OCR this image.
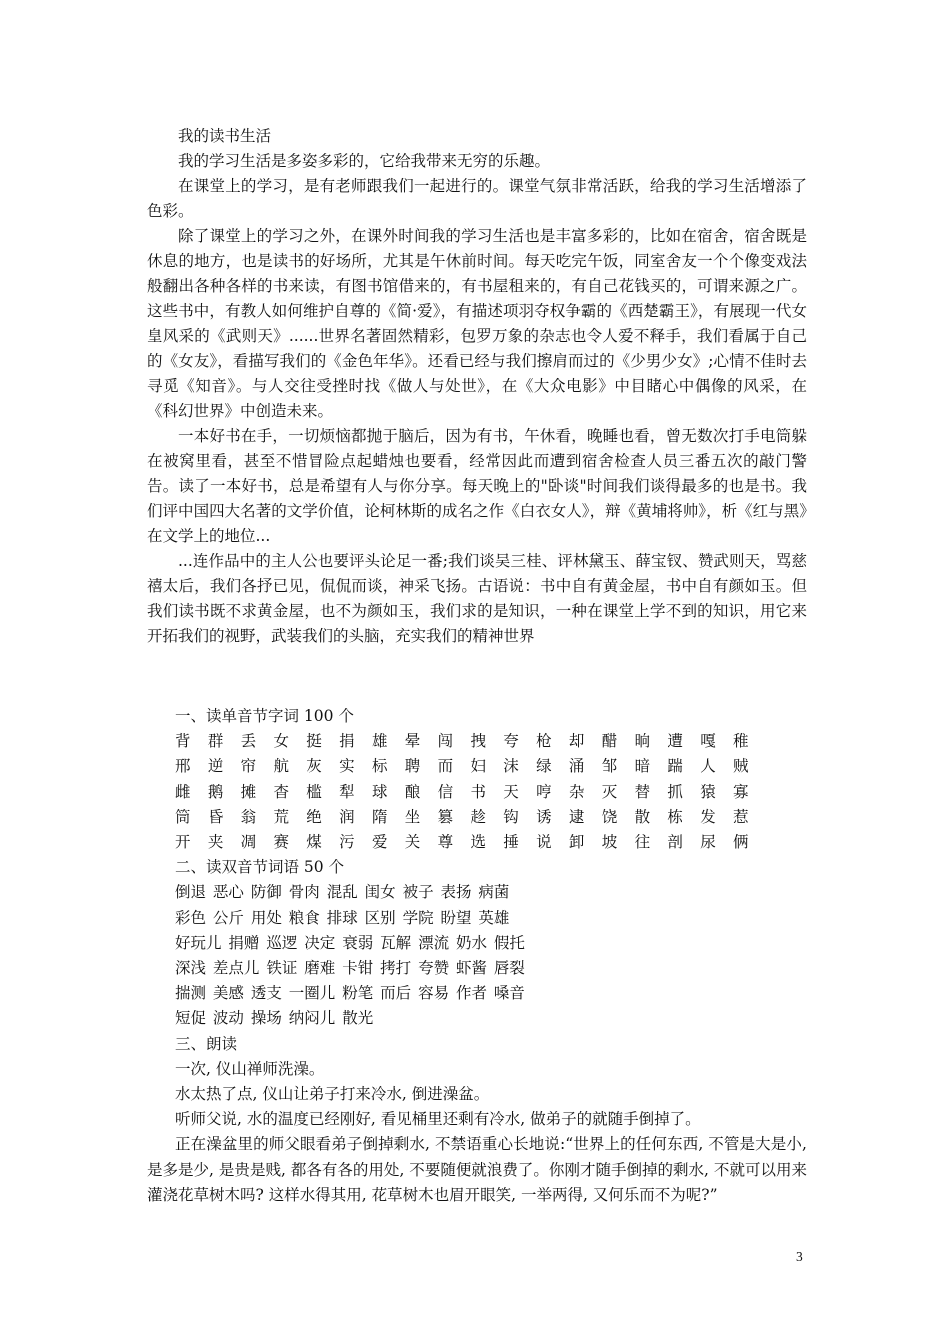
我的读书生活

我的学习生活是多姿多彩的，它给我带来无穷的乐趣。

在课堂上的学习，是有老师跟我们一起进行的。课堂气氛非常活跃，给我的学习生活增添了色彩。

除了课堂上的学习之外，在课外时间我的学习生活也是丰富多彩的，比如在宿舍，宿舍既是休息的地方，也是读书的好场所，尤其是午休前时间。每天吃完午饭，同室舍友一个个像变戏法般翻出各种各样的书来读，有图书馆借来的，有书屋租来的，有自己花钱买的，可谓来源之广。这些书中，有教人如何维护自尊的《简·爱》，有描述项羽夺权争霸的《西楚霸王》，有展现一代女皇风采的《武则天》......世界名著固然精彩，包罗万象的杂志也令人爱不释手，我们看属于自己的《女友》，看描写我们的《金色年华》。还看已经与我们擦肩而过的《少男少女》;心情不佳时去寻觅《知音》。与人交往受挫时找《做人与处世》，在《大众电影》中目睹心中偶像的风采，在《科幻世界》中创造未来。

一本好书在手，一切烦恼都抛于脑后，因为有书，午休看，晚睡也看，曾无数次打手电筒躲在被窝里看，甚至不惜冒险点起蜡烛也要看，经常因此而遭到宿舍检查人员三番五次的敲门警告。读了一本好书，总是希望有人与你分享。每天晚上的"卧谈"时间我们谈得最多的也是书。我们评中国四大名著的文学价值，论柯林斯的成名之作《白衣女人》，辩《黄埔将帅》，析《红与黑》在文学上的地位...

...连作品中的主人公也要评头论足一番;我们谈吴三桂、评林黛玉、薛宝钗、赞武则天，骂慈禧太后，我们各抒已见，侃侃而谈，神采飞扬。古语说：书中自有黄金屋，书中自有颜如玉。但我们读书既不求黄金屋，也不为颜如玉，我们求的是知识，一种在课堂上学不到的知识，用它来开拓我们的视野，武装我们的头脑，充实我们的精神世界

一、读单音节字词 100 个

背 群 丢 女 挺 捐 雄 晕 闯 拽 夸 枪 却 醋 晌 遭 嘎 稚

邢 逆 帘 航 灰 实 标 聘 而 妇 沫 绿 涌 邹 暗 踹 人 贼

雌 鹅 摊 杳 槛 犁 球 酿 信 书 天 哼 杂 灭 替 抓 猿 寡

筒 昏 翁 荒 绝 润 隋 坐 篡 趁 钩 诱 逮 饶 散 栋 发 惹

开 夹 凋 赛 煤 污 爱 关 尊 选 捶 说 卸 坡 往 剖 尿 俩

二、读双音节词语 50 个

倒退 恶心 防御 骨肉 混乱 闺女 被子 表扬 病菌

彩色 公斤 用处 粮食 排球 区别 学院 盼望 英雄

好玩儿 捐赠 巡逻 决定 衰弱 瓦解 漂流 奶水 假托

深浅 差点儿 铁证 磨难 卡钳 拷打 夸赞 虾酱 唇裂

揣测 美感 透支 一圈儿 粉笔 而后 容易 作者 嗓音

短促 波动 操场 纳闷儿 散光

三、朗读

一次, 仪山禅师洗澡。

水太热了点, 仪山让弟子打来冷水, 倒进澡盆。

听师父说, 水的温度已经刚好, 看见桶里还剩有冷水, 做弟子的就随手倒掉了。

正在澡盆里的师父眼看弟子倒掉剩水, 不禁语重心长地说:“世界上的任何东西, 不管是大是小, 是多是少, 是贵是贱, 都各有各的用处, 不要随便就浪费了。你刚才随手倒掉的剩水, 不就可以用来灌浇花草树木吗? 这样水得其用, 花草树木也眉开眼笑, 一举两得, 又何乐而不为呢?”

3
